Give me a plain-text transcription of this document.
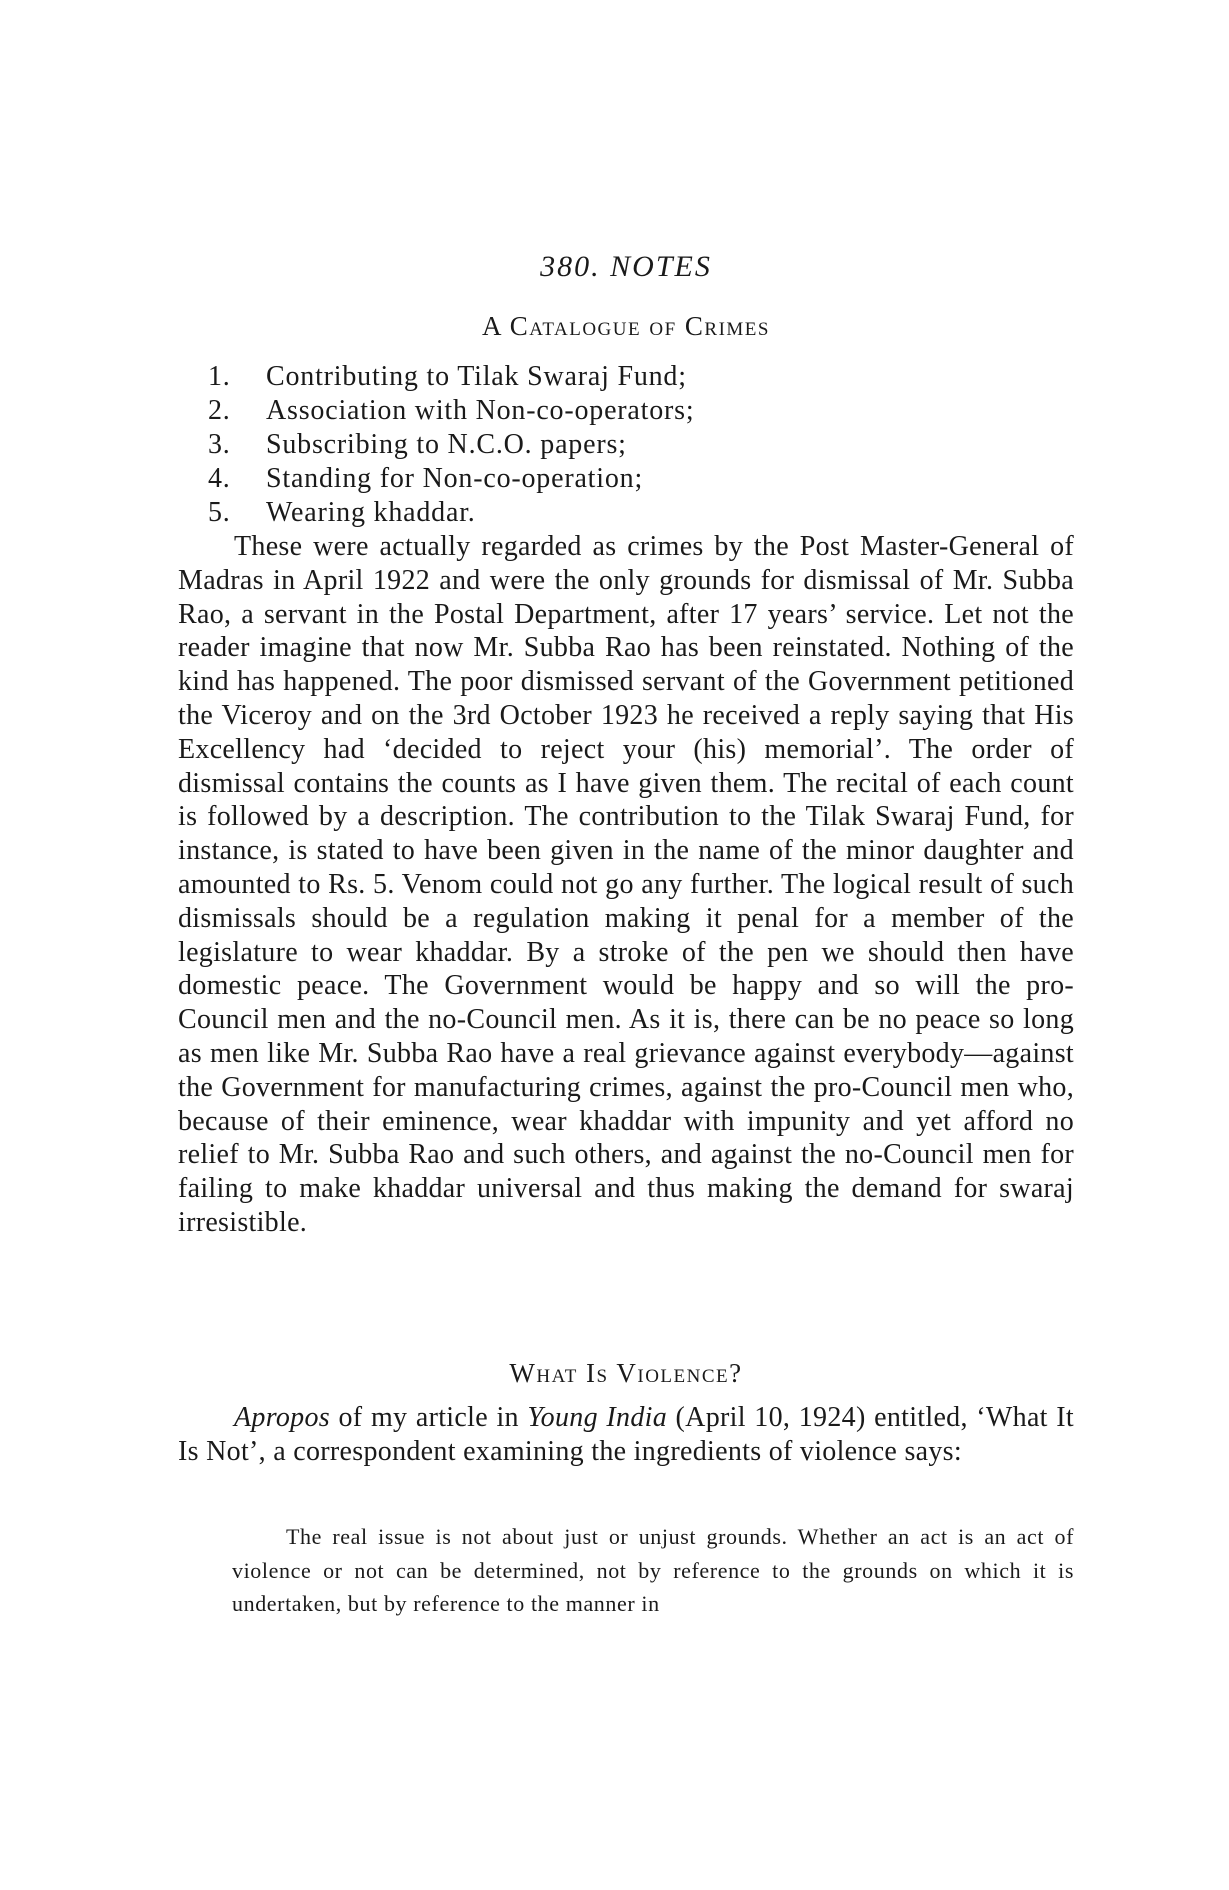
380. NOTES
A Catalogue of Crimes
1. Contributing to Tilak Swaraj Fund;
2. Association with Non-co-operators;
3. Subscribing to N.C.O. papers;
4. Standing for Non-co-operation;
5. Wearing khaddar.

These were actually regarded as crimes by the Post Master-General of Madras in April 1922 and were the only grounds for dismissal of Mr. Subba Rao, a servant in the Postal Department, after 17 years’ service. Let not the reader imagine that now Mr. Subba Rao has been reinstated. Nothing of the kind has happened. The poor dismissed servant of the Government petitioned the Viceroy and on the 3rd October 1923 he received a reply saying that His Excellency had ‘decided to reject your (his) memorial’. The order of dismissal contains the counts as I have given them. The recital of each count is followed by a description. The contribution to the Tilak Swaraj Fund, for instance, is stated to have been given in the name of the minor daughter and amounted to Rs. 5. Venom could not go any further. The logical result of such dismissals should be a regulation making it penal for a member of the legislature to wear khaddar. By a stroke of the pen we should then have domestic peace. The Government would be happy and so will the pro-Council men and the no-Council men. As it is, there can be no peace so long as men like Mr. Subba Rao have a real grievance against everybody—against the Government for manufacturing crimes, against the pro-Council men who, because of their eminence, wear khaddar with impunity and yet afford no relief to Mr. Subba Rao and such others, and against the no-Council men for failing to make khaddar universal and thus making the demand for swaraj irresistible.

What Is Violence?

Apropos of my article in Young India (April 10, 1924) entitled, ‘What It Is Not’, a correspondent examining the ingredients of violence says:

The real issue is not about just or unjust grounds. Whether an act is an act of violence or not can be determined, not by reference to the grounds on which it is undertaken, but by reference to the manner in
